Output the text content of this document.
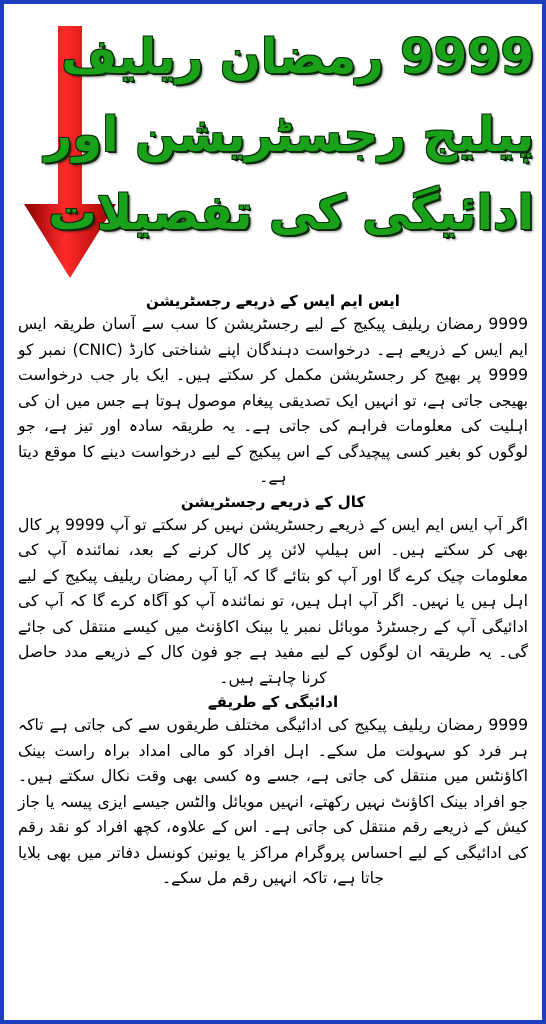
9999 رمضان ریلیف
پیلیج رجسٹریشن اور
ادائیگی کی تفصیلات

ایس ایم ایس کے ذریعے رجسٹریشن

9999 رمضان ریلیف پیکیج کے لیے رجسٹریشن کا سب سے آسان طریقہ ایس ایم ایس کے ذریعے ہے۔ درخواست دہندگان اپنے شناختی کارڈ (CNIC) نمبر کو 9999 پر بھیج کر رجسٹریشن مکمل کر سکتے ہیں۔ ایک بار جب درخواست بھیجی جاتی ہے، تو انہیں ایک تصدیقی پیغام موصول ہوتا ہے جس میں ان کی اہلیت کی معلومات فراہم کی جاتی ہے۔ یہ طریقہ سادہ اور تیز ہے، جو لوگوں کو بغیر کسی پیچیدگی کے اس پیکیج کے لیے درخواست دینے کا موقع دیتا ہے۔

کال کے ذریعے رجسٹریشن

اگر آپ ایس ایم ایس کے ذریعے رجسٹریشن نہیں کر سکتے تو آپ 9999 پر کال بھی کر سکتے ہیں۔ اس ہیلپ لائن پر کال کرنے کے بعد، نمائندہ آپ کی معلومات چیک کرے گا اور آپ کو بتائے گا کہ آیا آپ رمضان ریلیف پیکیج کے لیے اہل ہیں یا نہیں۔ اگر آپ اہل ہیں، تو نمائندہ آپ کو آگاہ کرے گا کہ آپ کی ادائیگی آپ کے رجسٹرڈ موبائل نمبر یا بینک اکاؤنٹ میں کیسے منتقل کی جائے گی۔ یہ طریقہ ان لوگوں کے لیے مفید ہے جو فون کال کے ذریعے مدد حاصل کرنا چاہتے ہیں۔

ادائیگی کے طریقے

9999 رمضان ریلیف پیکیج کی ادائیگی مختلف طریقوں سے کی جاتی ہے تاکہ ہر فرد کو سہولت مل سکے۔ اہل افراد کو مالی امداد براہ راست بینک اکاؤنٹس میں منتقل کی جاتی ہے، جسے وہ کسی بھی وقت نکال سکتے ہیں۔ جو افراد بینک اکاؤنٹ نہیں رکھتے، انہیں موبائل والٹس جیسے ایزی پیسہ یا جاز کیش کے ذریعے رقم منتقل کی جاتی ہے۔ اس کے علاوہ، کچھ افراد کو نقد رقم کی ادائیگی کے لیے احساس پروگرام مراکز یا یونین کونسل دفاتر میں بھی بلایا جاتا ہے، تاکہ انہیں رقم مل سکے۔
